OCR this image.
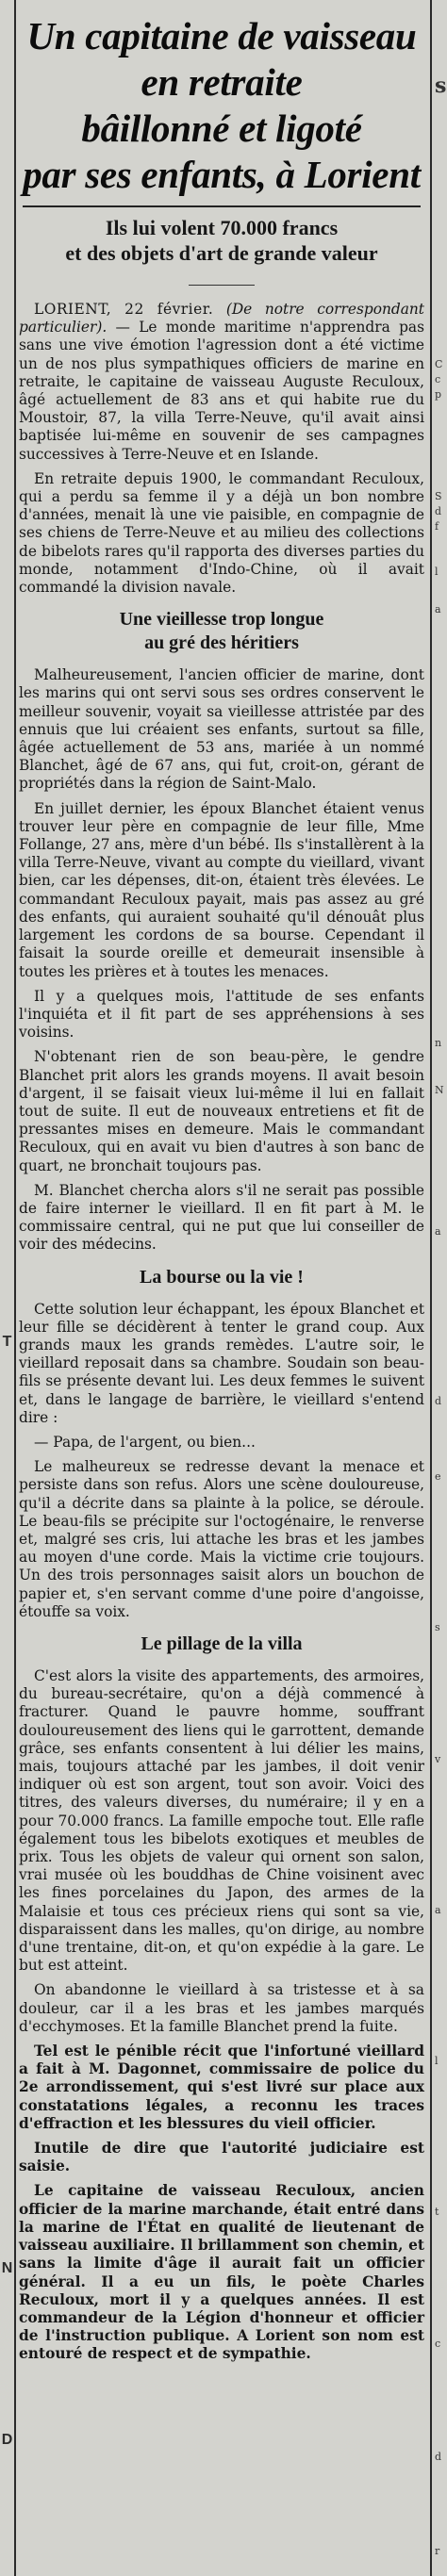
T
N
D
s
C
c
p
S
d
f
l
a
n
N
a
d
e
s
v
a
l
t
c
d
r
Un capitaine de vaisseau
en retraite
bâillonné et ligoté
par ses enfants, à Lorient
Ils lui volent 70.000 francs
et des objets d'art de grande valeur

LORIENT, 22 février. (De notre correspondant particulier). — Le monde maritime n'apprendra pas sans une vive émotion l'agression dont a été victime un de nos plus sympathiques officiers de marine en retraite, le capitaine de vaisseau Auguste Reculoux, âgé actuellement de 83 ans et qui habite rue du Moustoir, 87, la villa Terre-Neuve, qu'il avait ainsi baptisée lui-même en souvenir de ses campagnes successives à Terre-Neuve et en Islande.

En retraite depuis 1900, le commandant Reculoux, qui a perdu sa femme il y a déjà un bon nombre d'années, menait là une vie paisible, en compagnie de ses chiens de Terre-Neuve et au milieu des collections de bibelots rares qu'il rapporta des diverses parties du monde, notamment d'Indo-Chine, où il avait commandé la division navale.

Une vieillesse trop longue
au gré des héritiers

Malheureusement, l'ancien officier de marine, dont les marins qui ont servi sous ses ordres conservent le meilleur souvenir, voyait sa vieillesse attristée par des ennuis que lui créaient ses enfants, surtout sa fille, âgée actuellement de 53 ans, mariée à un nommé Blanchet, âgé de 67 ans, qui fut, croit-on, gérant de propriétés dans la région de Saint-Malo.

En juillet dernier, les époux Blanchet étaient venus trouver leur père en compagnie de leur fille, Mme Follange, 27 ans, mère d'un bébé. Ils s'installèrent à la villa Terre-Neuve, vivant au compte du vieillard, vivant bien, car les dépenses, dit-on, étaient très élevées. Le commandant Reculoux payait, mais pas assez au gré des enfants, qui auraient souhaité qu'il dénouât plus largement les cordons de sa bourse. Cependant il faisait la sourde oreille et demeurait insensible à toutes les prières et à toutes les menaces.

Il y a quelques mois, l'attitude de ses enfants l'inquiéta et il fit part de ses appréhensions à ses voisins.

N'obtenant rien de son beau-père, le gendre Blanchet prit alors les grands moyens. Il avait besoin d'argent, il se faisait vieux lui-même il lui en fallait tout de suite. Il eut de nouveaux entretiens et fit de pressantes mises en demeure. Mais le commandant Reculoux, qui en avait vu bien d'autres à son banc de quart, ne bronchait toujours pas.

M. Blanchet chercha alors s'il ne serait pas possible de faire interner le vieillard. Il en fit part à M. le commissaire central, qui ne put que lui conseiller de voir des médecins.

La bourse ou la vie !

Cette solution leur échappant, les époux Blanchet et leur fille se décidèrent à tenter le grand coup. Aux grands maux les grands remèdes. L'autre soir, le vieillard reposait dans sa chambre. Soudain son beau-fils se présente devant lui. Les deux femmes le suivent et, dans le langage de barrière, le vieillard s'entend dire :

— Papa, de l'argent, ou bien...

Le malheureux se redresse devant la menace et persiste dans son refus. Alors une scène douloureuse, qu'il a décrite dans sa plainte à la police, se déroule. Le beau-fils se précipite sur l'octogénaire, le renverse et, malgré ses cris, lui attache les bras et les jambes au moyen d'une corde. Mais la victime crie toujours. Un des trois personnages saisit alors un bouchon de papier et, s'en servant comme d'une poire d'angoisse, étouffe sa voix.

Le pillage de la villa

C'est alors la visite des appartements, des armoires, du bureau-secrétaire, qu'on a déjà commencé à fracturer. Quand le pauvre homme, souffrant douloureusement des liens qui le garrottent, demande grâce, ses enfants consentent à lui délier les mains, mais, toujours attaché par les jambes, il doit venir indiquer où est son argent, tout son avoir. Voici des titres, des valeurs diverses, du numéraire; il y en a pour 70.000 francs. La famille empoche tout. Elle rafle également tous les bibelots exotiques et meubles de prix. Tous les objets de valeur qui ornent son salon, vrai musée où les bouddhas de Chine voisinent avec les fines porcelaines du Japon, des armes de la Malaisie et tous ces précieux riens qui sont sa vie, disparaissent dans les malles, qu'on dirige, au nombre d'une trentaine, dit-on, et qu'on expédie à la gare. Le but est atteint.

On abandonne le vieillard à sa tristesse et à sa douleur, car il a les bras et les jambes marqués d'ecchymoses. Et la famille Blanchet prend la fuite.

Tel est le pénible récit que l'infortuné vieillard a fait à M. Dagonnet, commissaire de police du 2e arrondissement, qui s'est livré sur place aux constatations légales, a reconnu les traces d'effraction et les blessures du vieil officier.

Inutile de dire que l'autorité judiciaire est saisie.

Le capitaine de vaisseau Reculoux, ancien officier de la marine marchande, était entré dans la marine de l'État en qualité de lieutenant de vaisseau auxiliaire. Il brillamment son chemin, et sans la limite d'âge il aurait fait un officier général. Il a eu un fils, le poète Charles Reculoux, mort il y a quelques années. Il est commandeur de la Légion d'honneur et officier de l'instruction publique. A Lorient son nom est entouré de respect et de sympathie.
